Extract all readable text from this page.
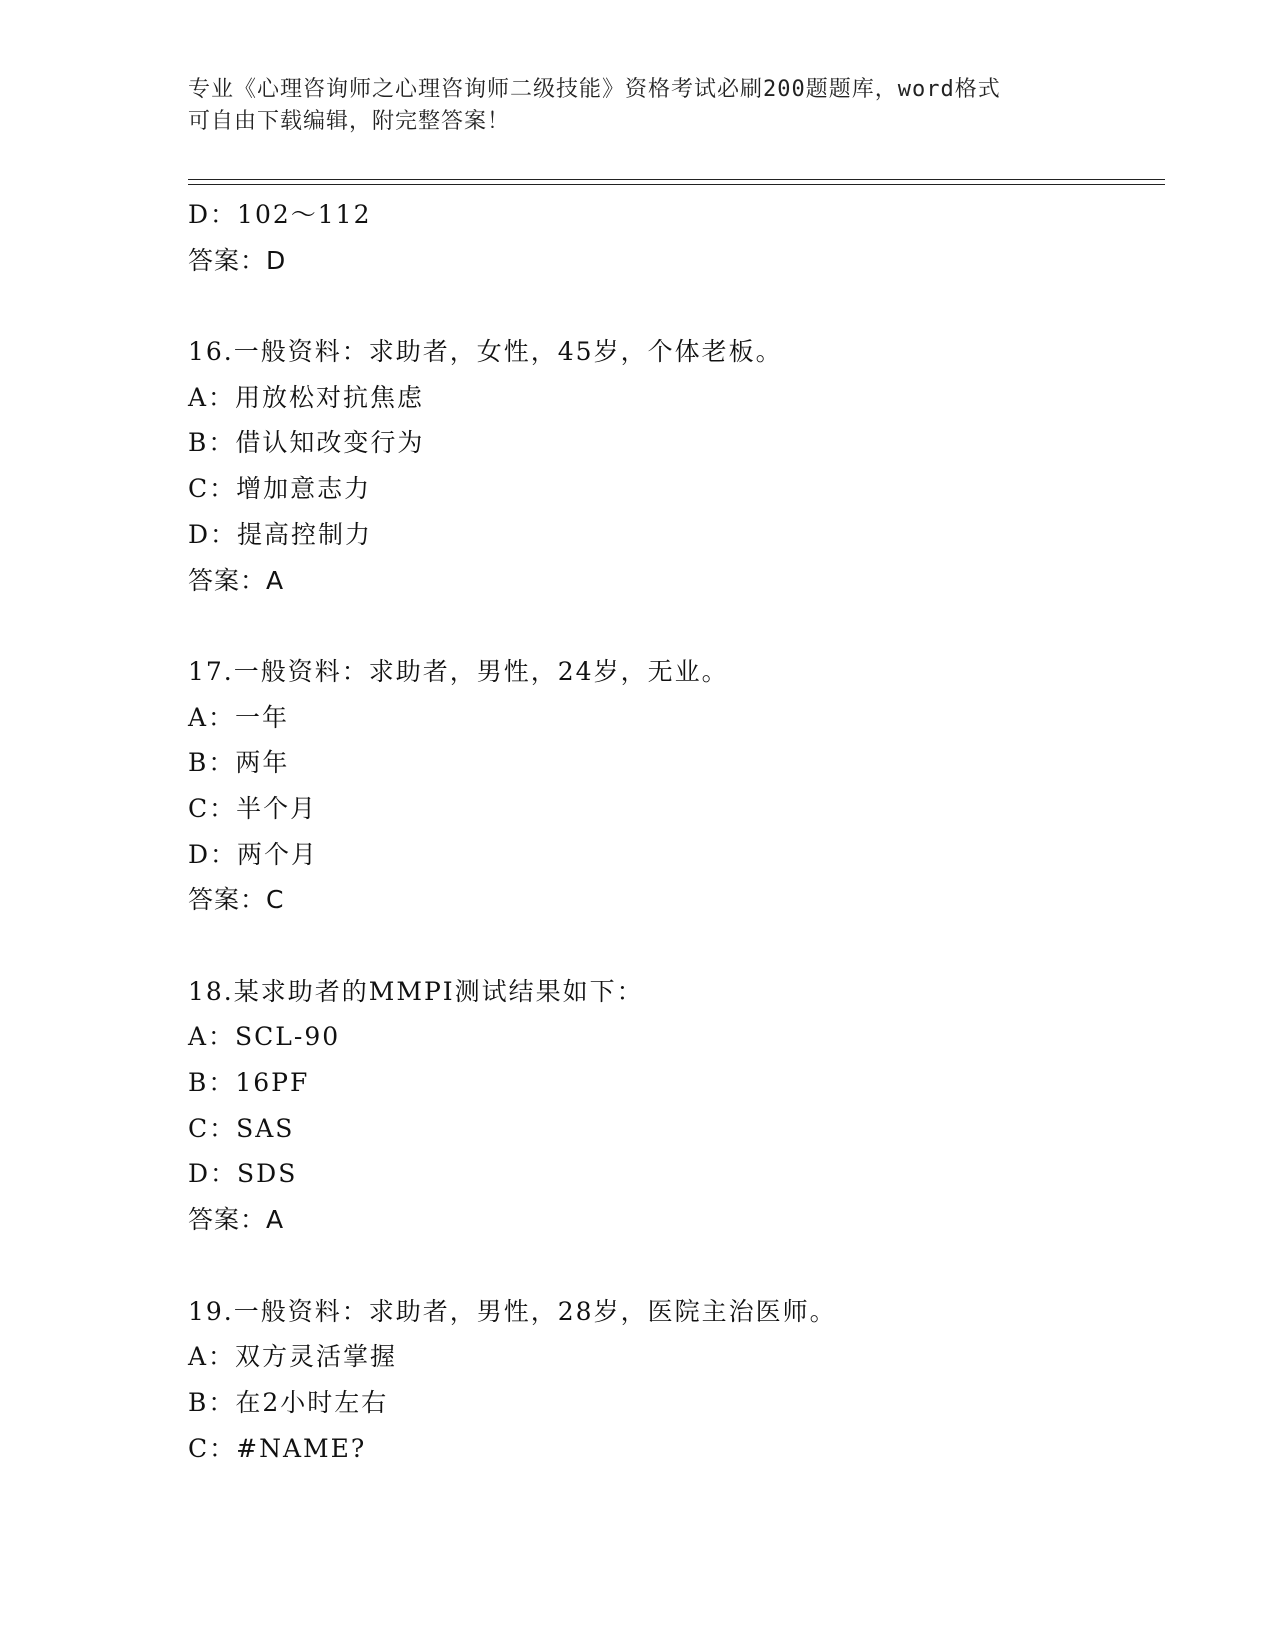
专业《心理咨询师之心理咨询师二级技能》资格考试必刷200题题库，word格式
可自由下载编辑，附完整答案！
D：102～112
答案：D
16.一般资料：求助者，女性，45岁，个体老板。
A：用放松对抗焦虑
B：借认知改变行为
C：增加意志力
D：提高控制力
答案：A
17.一般资料：求助者，男性，24岁，无业。
A：一年
B：两年
C：半个月
D：两个月
答案：C
18.某求助者的MMPI测试结果如下：
A：SCL-90
B：16PF
C：SAS
D：SDS
答案：A
19.一般资料：求助者，男性，28岁，医院主治医师。
A：双方灵活掌握
B：在2小时左右
C：#NAME?
